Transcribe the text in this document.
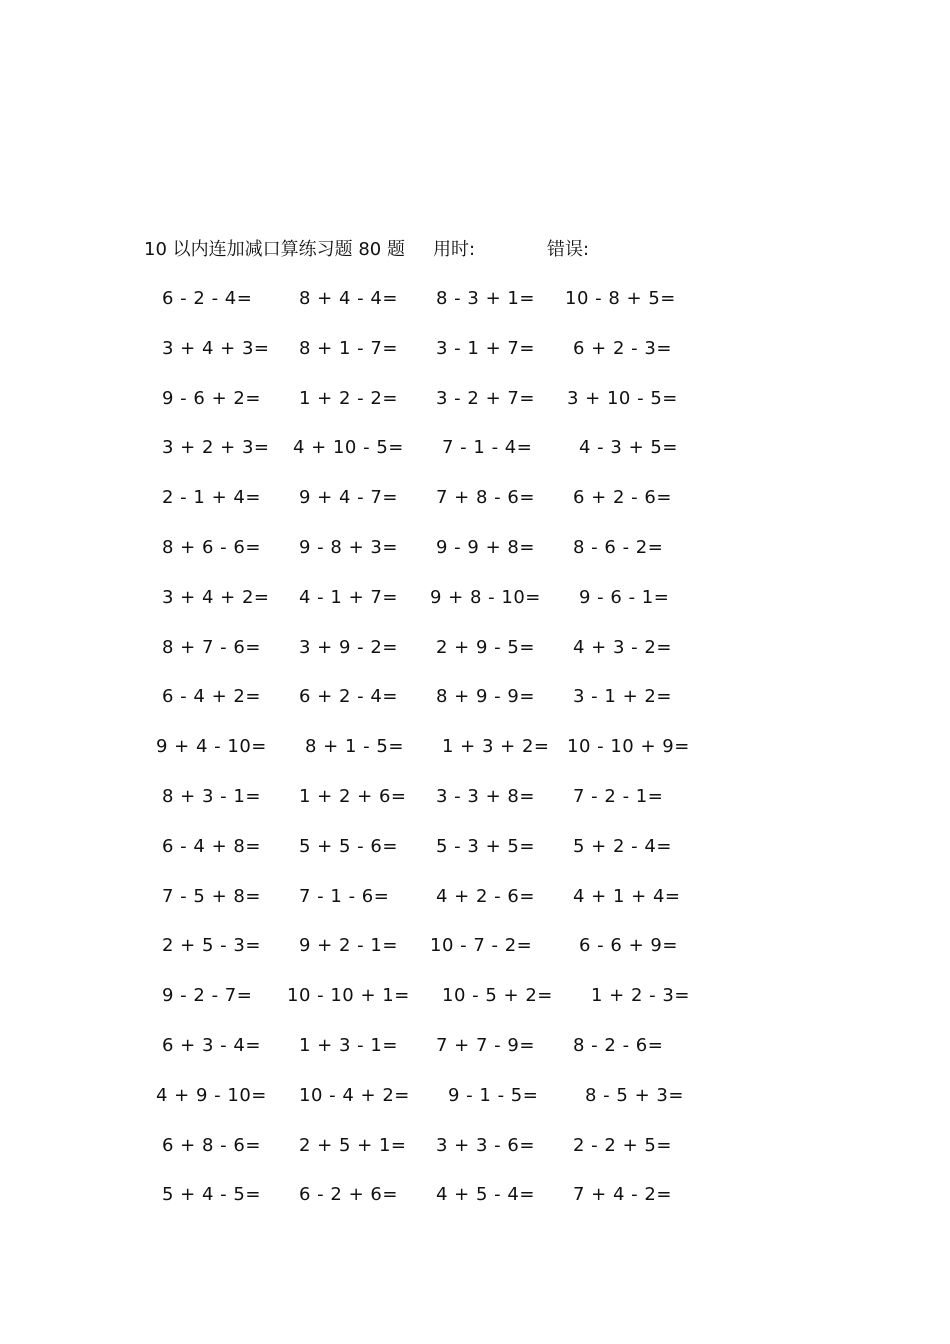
10 以内连加减口算练习题 80 题 用时:	错误:
6 - 2 - 4=	8 + 4 - 4= 8 - 3 + 1= 10 - 8 + 5=
3 + 4 + 3= 8 + 1 - 7= 3 - 1 + 7= 6 + 2 - 3=
9 - 6 + 2= 1 + 2 - 2= 3 - 2 + 7= 3 + 10 - 5=
3 + 2 + 3= 4 + 10 - 5= 7 - 1 - 4=	4 - 3 + 5=
2 - 1 + 4= 9 + 4 - 7= 7 + 8 - 6= 6 + 2 - 6=
8 + 6 - 6= 9 - 8 + 3= 9 - 9 + 8= 8 - 6 - 2=
3 + 4 + 2= 4 - 1 + 7= 9 + 8 - 10= 9 - 6 - 1=
8 + 7 - 6= 3 + 9 - 2= 2 + 9 - 5= 4 + 3 - 2=
6 - 4 + 2= 6 + 2 - 4= 8 + 9 - 9= 3 - 1 + 2=
9 + 4 - 10= 8 + 1 - 5= 1 + 3 + 2= 10 - 10 + 9=
8 + 3 - 1= 1 + 2 + 6= 3 - 3 + 8= 7 - 2 - 1=
6 - 4 + 8= 5 + 5 - 6= 5 - 3 + 5= 5 + 2 - 4=
7 - 5 + 8= 7 - 1 - 6=	4 + 2 - 6= 4 + 1 + 4=
2 + 5 - 3= 9 + 2 - 1= 10 - 7 - 2=	6 - 6 + 9=
9 - 2 - 7= 10 - 10 + 1= 10 - 5 + 2= 1 + 2 - 3=
6 + 3 - 4= 1 + 3 - 1= 7 + 7 - 9= 8 - 2 - 6=
4 + 9 - 10= 10 - 4 + 2= 9 - 1 - 5=	8 - 5 + 3=
6 + 8 - 6= 2 + 5 + 1= 3 + 3 - 6= 2 - 2 + 5=
5 + 4 - 5= 6 - 2 + 6= 4 + 5 - 4= 7 + 4 - 2=
